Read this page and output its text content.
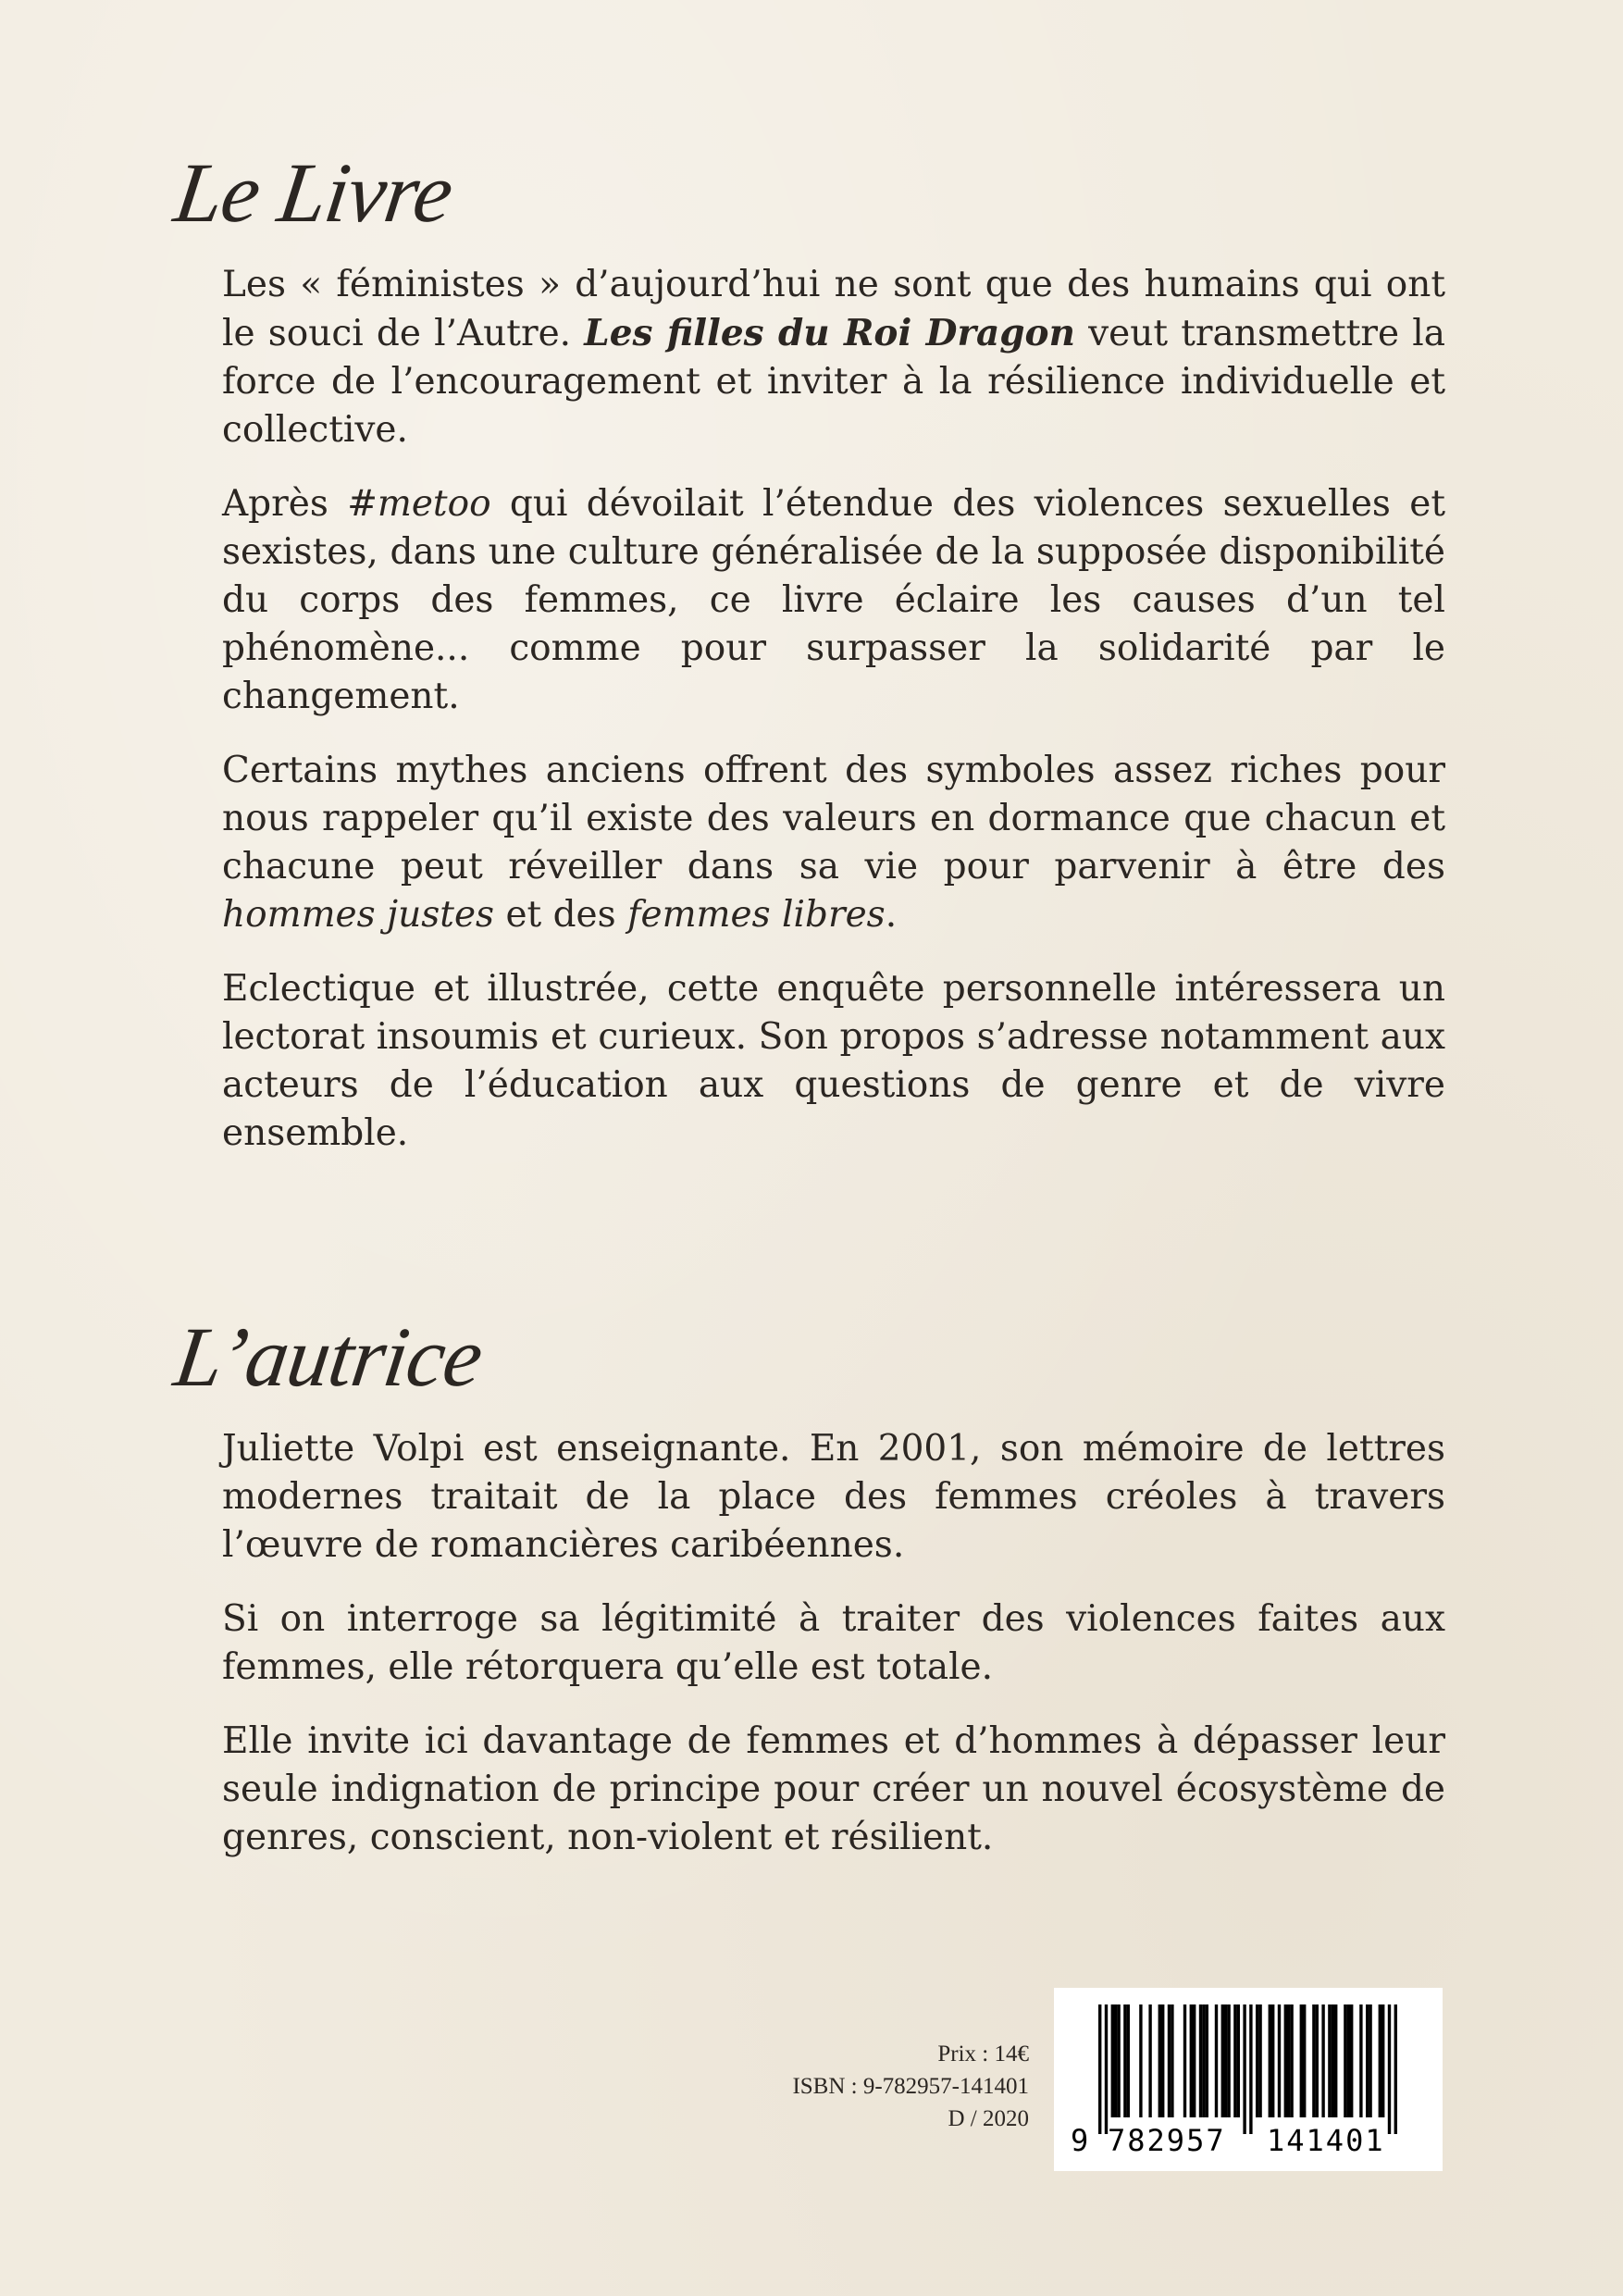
Le Livre

Les « féministes » d’aujourd’hui ne sont que des humains qui ont le souci de l’Autre. Les filles du Roi Dragon veut transmettre la force de l’encouragement et inviter à la résilience individuelle et collective.

Après #metoo qui dévoilait l’étendue des violences sexuelles et sexistes, dans une culture généralisée de la supposée disponibilité du corps des femmes, ce livre éclaire les causes d’un tel phénomène... comme pour surpasser la solidarité par le changement.

Certains mythes anciens offrent des symboles assez riches pour nous rappeler qu’il existe des valeurs en dormance que chacun et chacune peut réveiller dans sa vie pour parvenir à être des hommes justes et des femmes libres.

Eclectique et illustrée, cette enquête personnelle intéressera un lectorat insoumis et curieux. Son propos s’adresse notamment aux acteurs de l’éducation aux questions de genre et de vivre ensemble.

L’autrice

Juliette Volpi est enseignante. En 2001, son mémoire de lettres modernes traitait de la place des femmes créoles à travers l’œuvre de romancières caribéennes.

Si on interroge sa légitimité à traiter des violences faites aux femmes, elle rétorquera qu’elle est totale.

Elle invite ici davantage de femmes et d’hommes à dépasser leur seule indignation de principe pour créer un nouvel écosystème de genres, conscient, non-violent et résilient.

Prix : 14€
ISBN : 9-782957-141401
D / 2020
9 782957 141401
